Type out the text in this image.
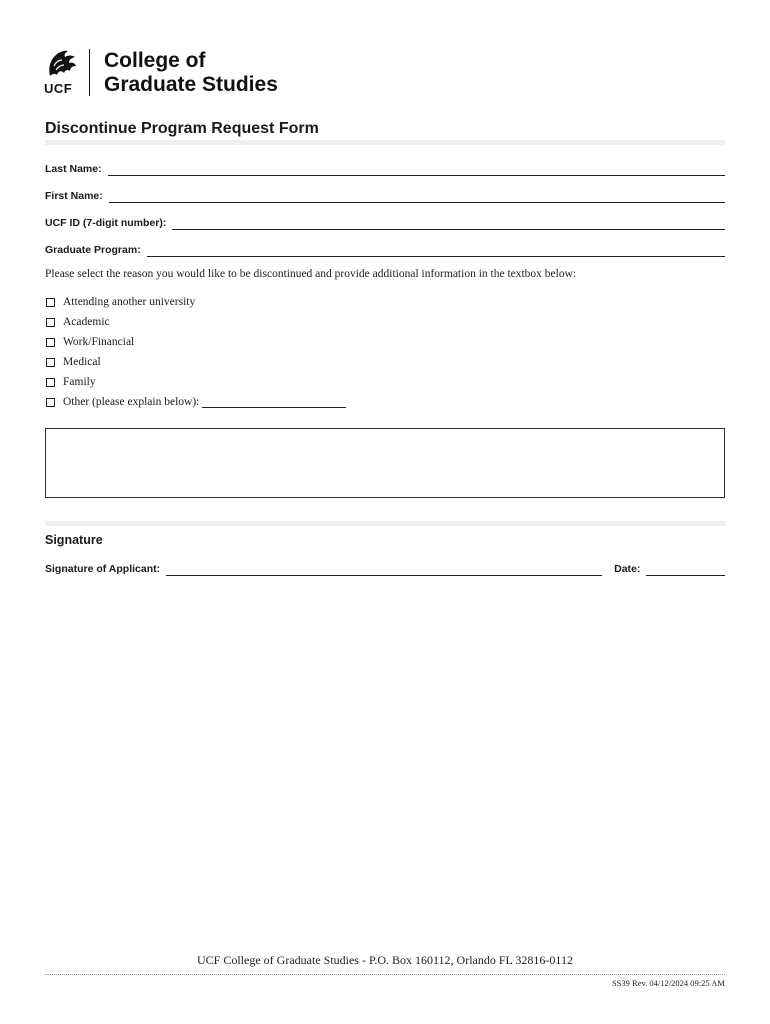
UCF
College of
Graduate Studies
Discontinue Program Request Form
Last Name:
First Name:
UCF ID (7-digit number):
Graduate Program:
Please select the reason you would like to be discontinued and provide additional information in the textbox below:
Attending another university
Academic
Work/Financial
Medical
Family
Other (please explain below):
Signature
Signature of Applicant:	Date:
UCF College of Graduate Studies - P.O. Box 160112, Orlando FL 32816-0112
SS39 Rev. 04/12/2024 09:25 AM
